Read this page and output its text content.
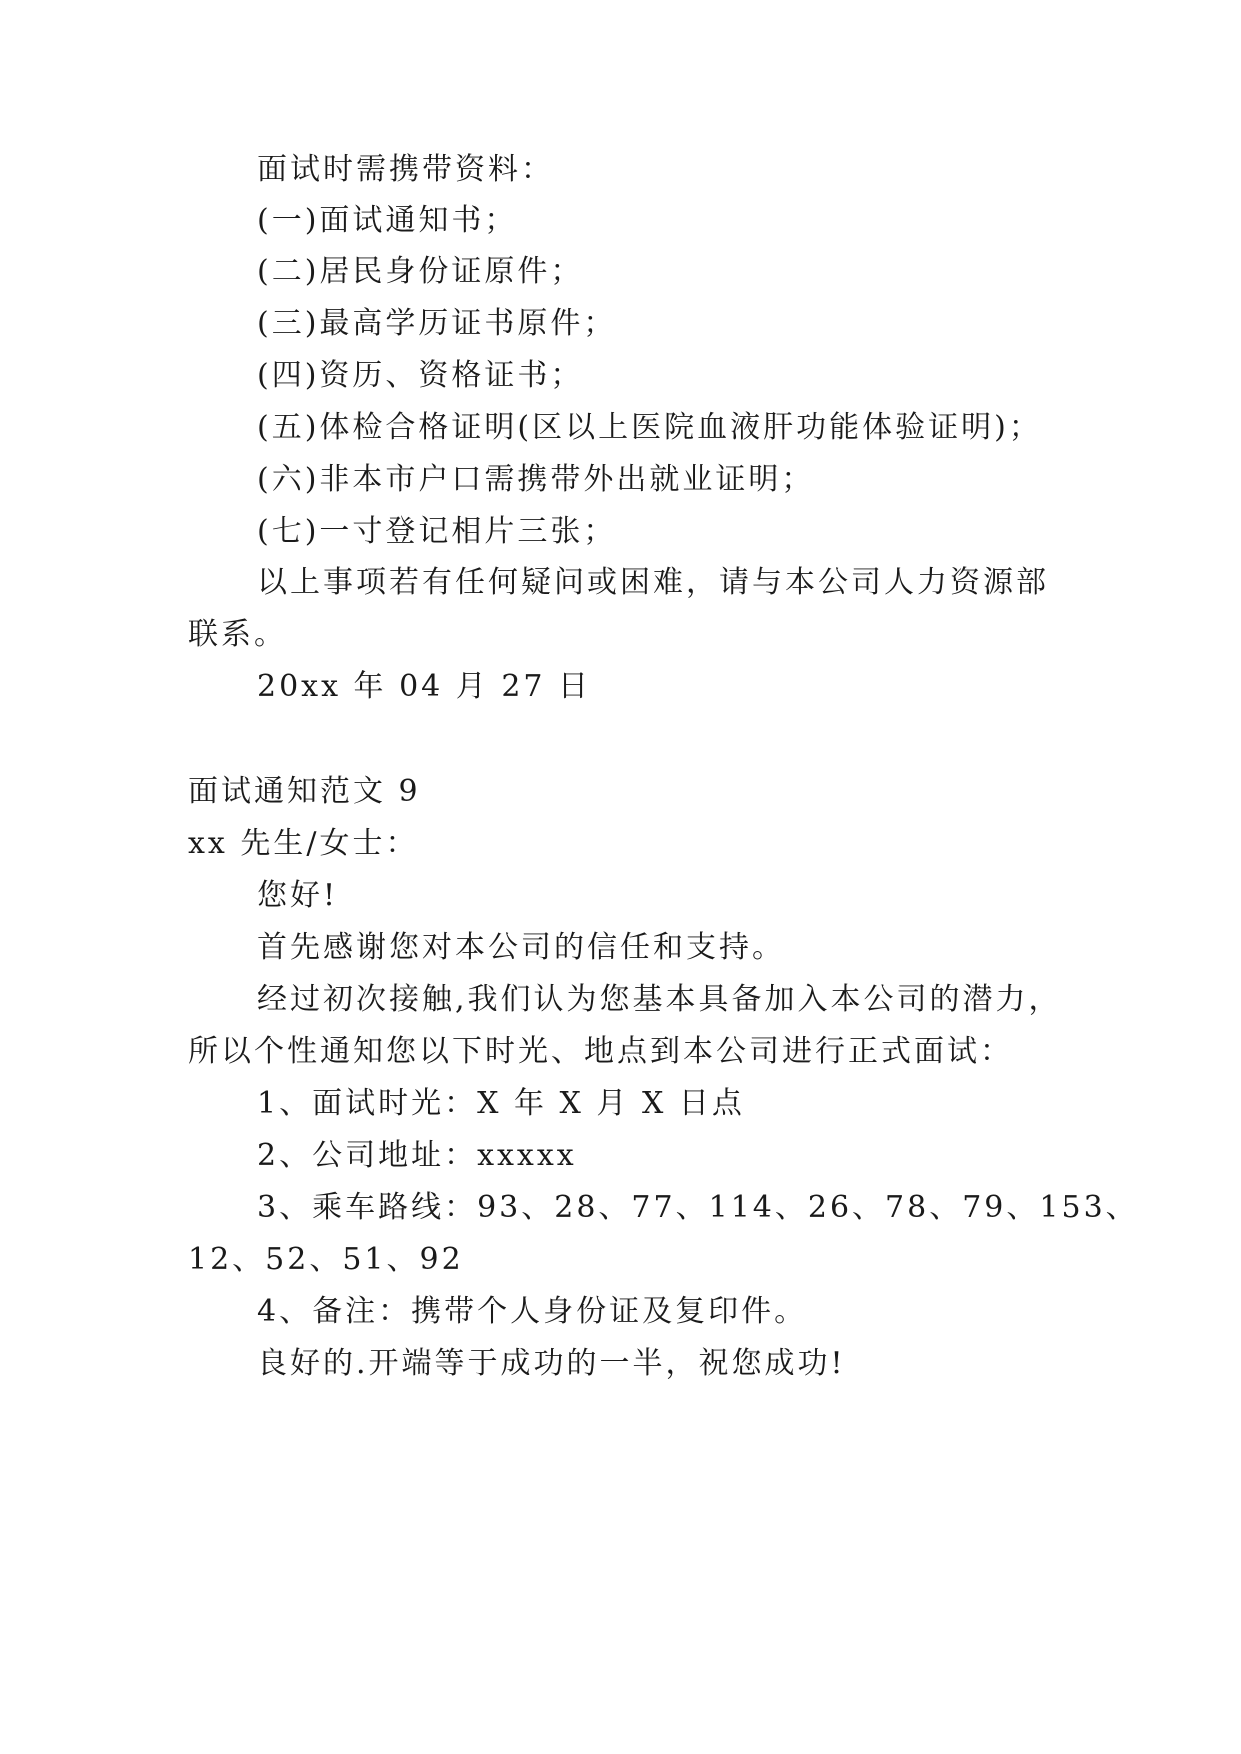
面试时需携带资料：
(一)面试通知书；
(二)居民身份证原件；
(三)最高学历证书原件；
(四)资历、资格证书；
(五)体检合格证明(区以上医院血液肝功能体验证明)；
(六)非本市户口需携带外出就业证明；
(七)一寸登记相片三张；
以上事项若有任何疑问或困难，请与本公司人力资源部
联系。
20xx 年 04 月 27 日
面试通知范文 9
xx 先生/女士：
您好!
首先感谢您对本公司的信任和支持。
经过初次接触,我们认为您基本具备加入本公司的潜力，
所以个性通知您以下时光、地点到本公司进行正式面试：
1、面试时光：X 年 X 月 X 日点
2、公司地址：xxxxx
3、乘车路线：93、28、77、114、26、78、79、153、
12、52、51、92
4、备注：携带个人身份证及复印件。
良好的.开端等于成功的一半，祝您成功!
